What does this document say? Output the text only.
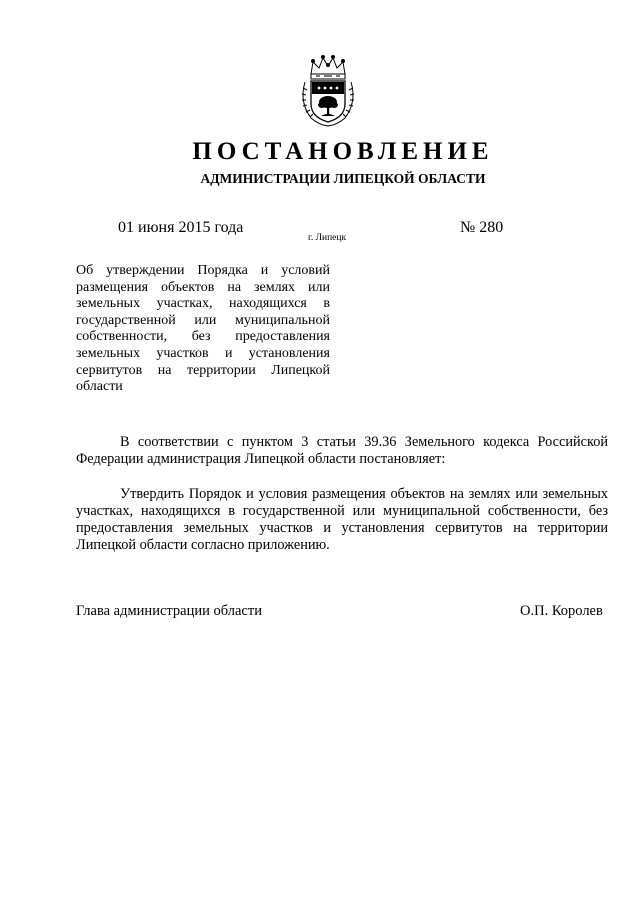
ПОСТАНОВЛЕНИЕ
АДМИНИСТРАЦИИ ЛИПЕЦКОЙ ОБЛАСТИ
01 июня 2015 года
г. Липецк
№ 280
Об утверждении Порядка и условий размещения объектов на землях или земельных участках, находящихся в государственной или муниципальной собственности, без предоставления земельных участков и установления сервитутов на территории Липецкой области

В соответствии с пунктом 3 статьи 39.36 Земельного кодекса Российской Федерации администрация Липецкой области постановляет:

Утвердить Порядок и условия размещения объектов на землях или земельных участках, находящихся в государственной или муниципальной собственности, без предоставления земельных участков и установления сервитутов на территории Липецкой области согласно приложению.

Глава администрации области	О.П. Королев
